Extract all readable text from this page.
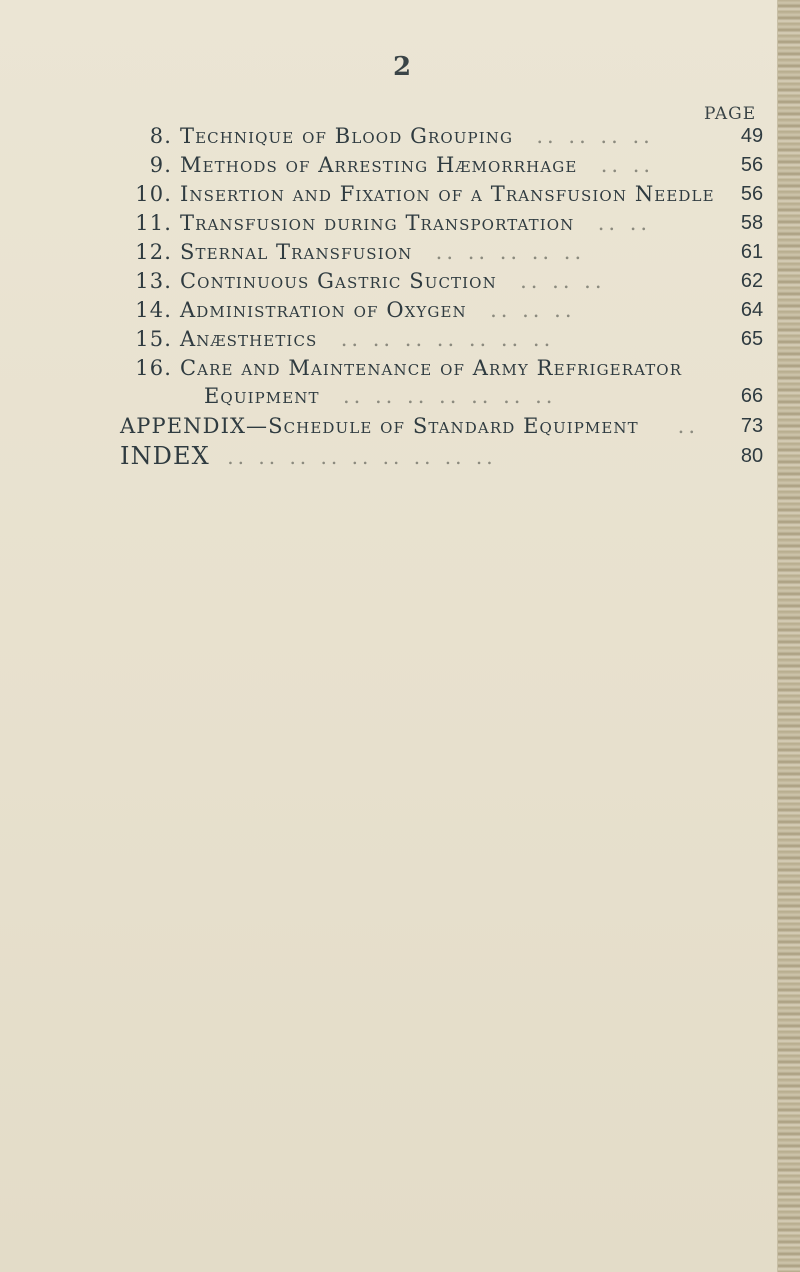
2
PAGE
8. Technique of Blood Grouping .. .. .. ..	49
9. Methods of Arresting Hæmorrhage .. ..	56
10. Insertion and Fixation of a Transfusion Needle	56
11. Transfusion during Transportation .. ..	58
12. Sternal Transfusion .. .. .. .. ..	61
13. Continuous Gastric Suction .. .. ..	62
14. Administration of Oxygen .. .. ..	64
15. Anæsthetics .. .. .. .. .. .. ..	65
16. Care and Maintenance of Army Refrigerator
Equipment .. .. .. .. .. .. ..	66
APPENDIX—Schedule of Standard Equipment ..	73
INDEX .. .. .. .. .. .. .. .. ..	80
